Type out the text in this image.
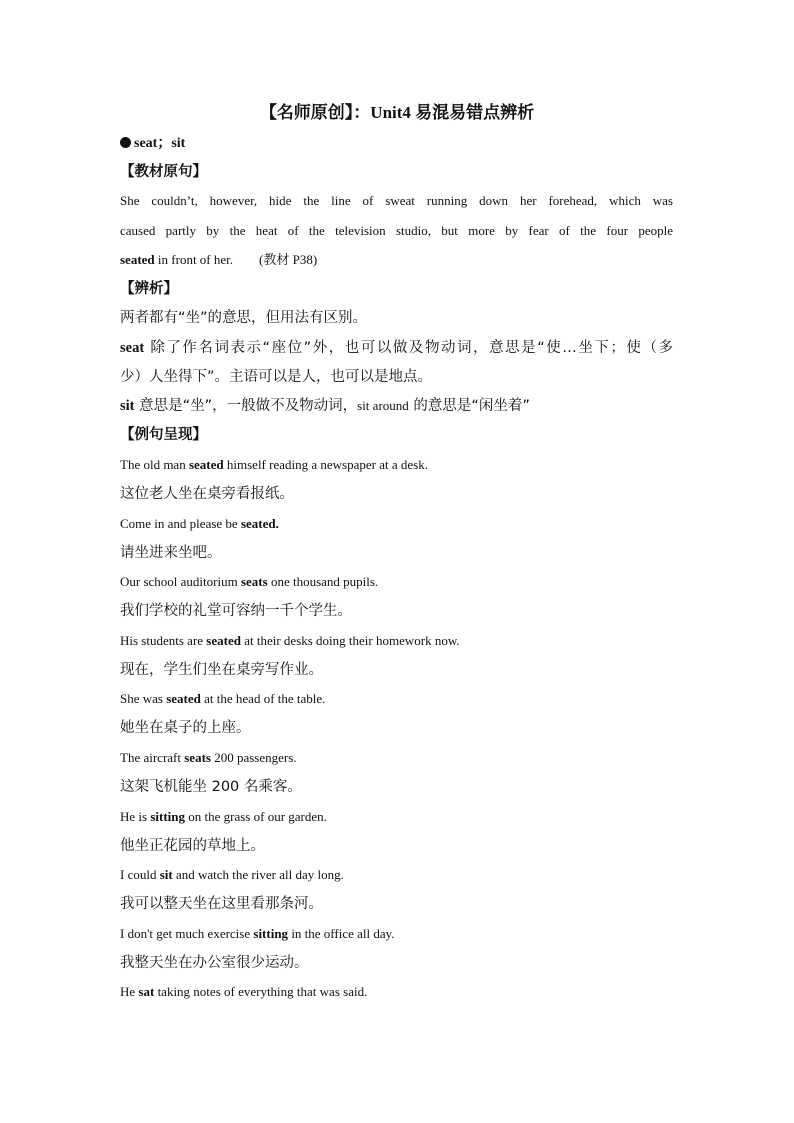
【名师原创】：Unit4 易混易错点辨析
seat；sit
【教材原句】
She couldn’t, however, hide the line of sweat running down her forehead, which was
caused partly by the heat of the television studio, but more by fear of the four people
seated in front of her. (教材 P38)
【辨析】
两者都有“坐”的意思，但用法有区别。
seat 除了作名词表示“座位”外，也可以做及物动词，意思是“使…坐下；使（多
少）人坐得下”。主语可以是人，也可以是地点。
sit 意思是“坐”，一般做不及物动词，sit around 的意思是“闲坐着”
【例句呈现】
The old man seated himself reading a newspaper at a desk.
这位老人坐在桌旁看报纸。
Come in and please be seated.
请坐进来坐吧。
Our school auditorium seats one thousand pupils.
我们学校的礼堂可容纳一千个学生。
His students are seated at their desks doing their homework now.
现在，学生们坐在桌旁写作业。
She was seated at the head of the table.
她坐在桌子的上座。
The aircraft seats 200 passengers.
这架飞机能坐 200 名乘客。
He is sitting on the grass of our garden.
他坐正花园的草地上。
I could sit and watch the river all day long.
我可以整天坐在这里看那条河。
I don't get much exercise sitting in the office all day.
我整天坐在办公室很少运动。
He sat taking notes of everything that was said.
